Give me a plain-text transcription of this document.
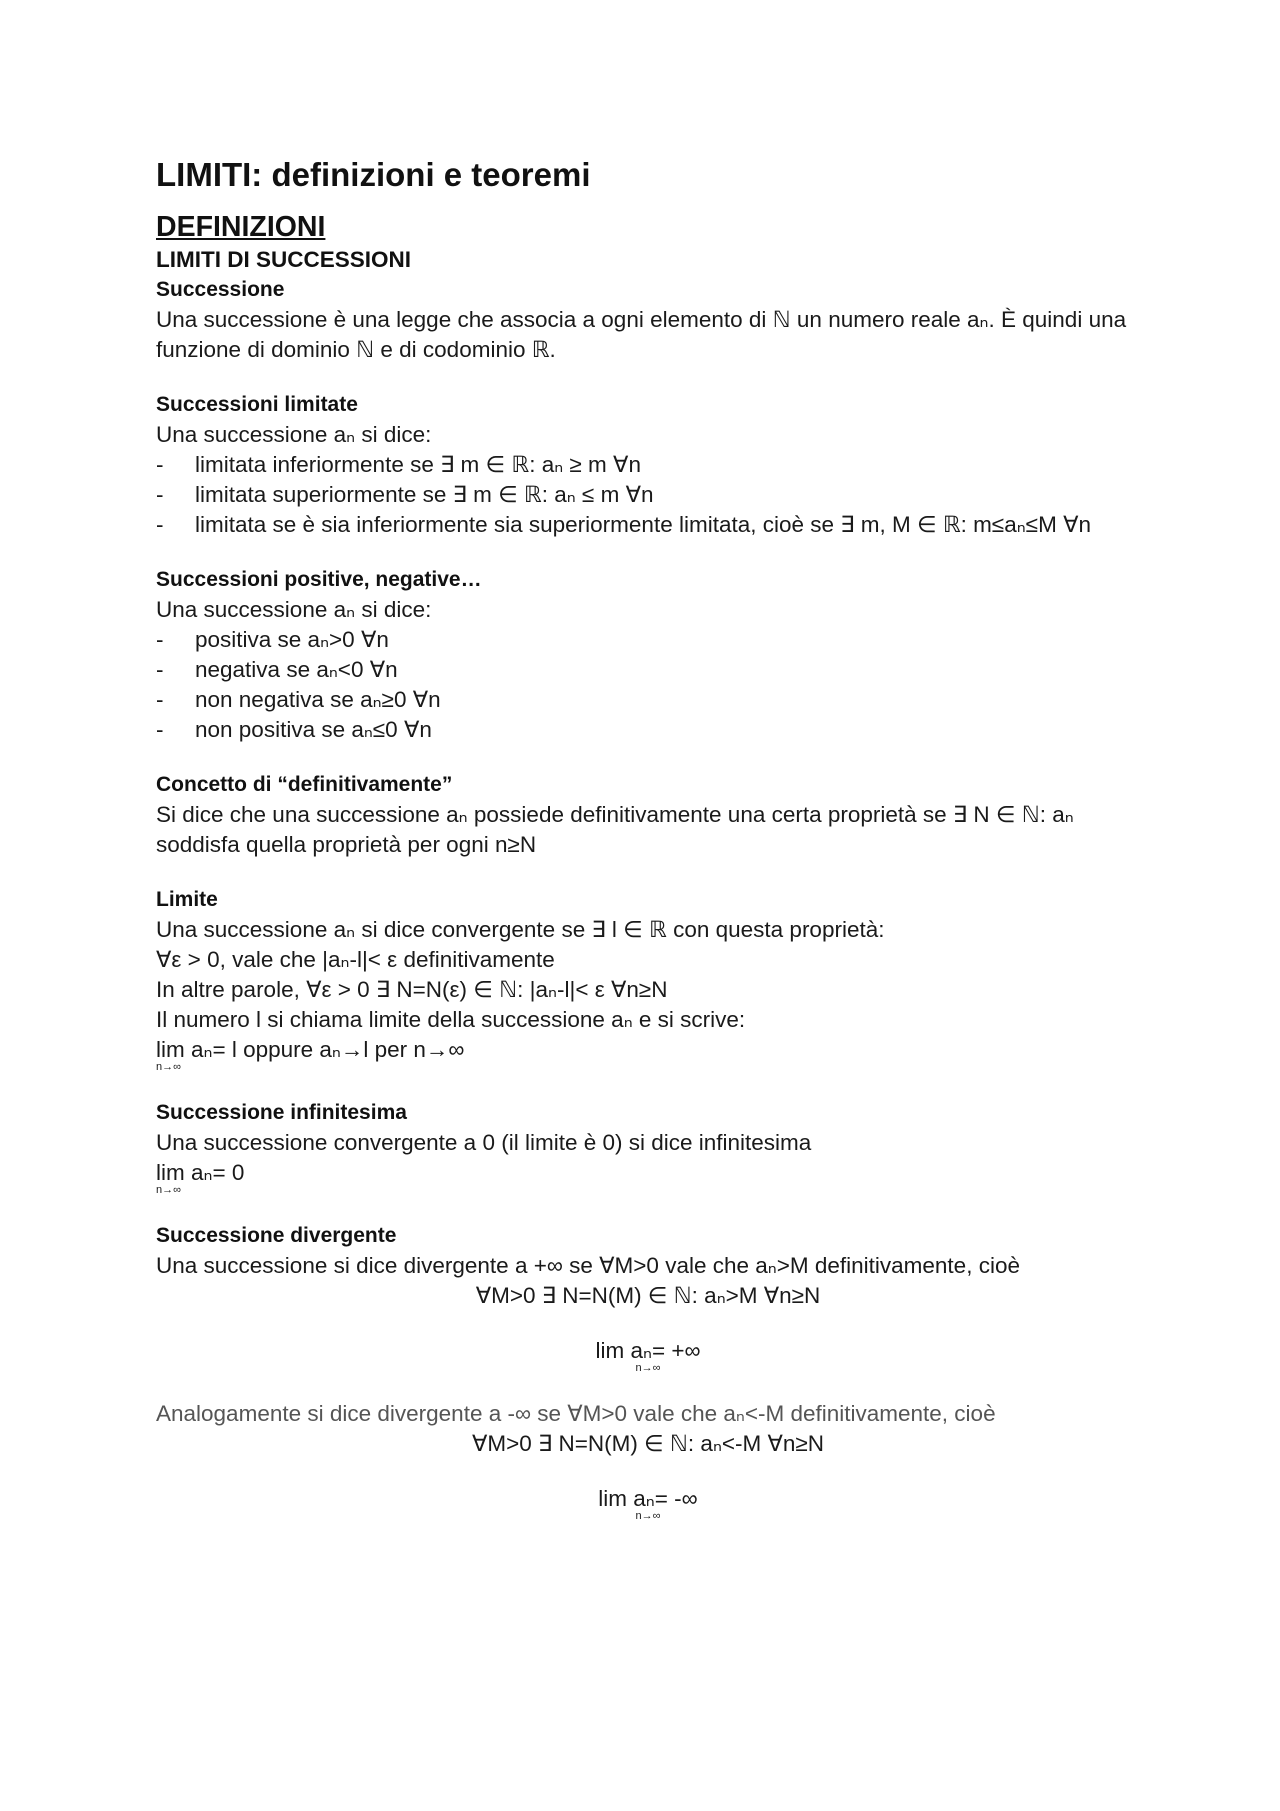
LIMITI: definizioni e teoremi
DEFINIZIONI
LIMITI DI SUCCESSIONI
Successione

Una successione è una legge che associa a ogni elemento di ℕ un numero reale aₙ. È quindi una funzione di dominio ℕ e di codominio ℝ.

Successioni limitate

Una successione aₙ si dice:

- limitata inferiormente se ∃ m ∈ ℝ: aₙ ≥ m ∀n
- limitata superiormente se ∃ m ∈ ℝ: aₙ ≤ m ∀n
- limitata se è sia inferiormente sia superiormente limitata, cioè se ∃ m, M ∈ ℝ: m≤aₙ≤M ∀n
Successioni positive, negative…

Una successione aₙ si dice:

- positiva se aₙ>0 ∀n
- negativa se aₙ<0 ∀n
- non negativa se aₙ≥0 ∀n
- non positiva se aₙ≤0 ∀n
Concetto di “definitivamente”

Si dice che una successione aₙ possiede definitivamente una certa proprietà se ∃ N ∈ ℕ: aₙ soddisfa quella proprietà per ogni n≥N

Limite

Una successione aₙ si dice convergente se ∃ l ∈ ℝ con questa proprietà:

∀ε > 0, vale che |aₙ-l|< ε definitivamente

In altre parole, ∀ε > 0 ∃ N=N(ε) ∈ ℕ: |aₙ-l|< ε ∀n≥N

Il numero l si chiama limite della successione aₙ e si scrive:

lim aₙ= l oppure aₙ→l per n→∞

n→∞
Successione infinitesima

Una successione convergente a 0 (il limite è 0) si dice infinitesima

lim aₙ= 0

n→∞
Successione divergente

Una successione si dice divergente a +∞ se ∀M>0 vale che aₙ>M definitivamente, cioè

∀M>0 ∃ N=N(M) ∈ ℕ: aₙ>M ∀n≥N

lim aₙ= +∞

n→∞

Analogamente si dice divergente a -∞ se ∀M>0 vale che aₙ<-M definitivamente, cioè

∀M>0 ∃ N=N(M) ∈ ℕ: aₙ<-M ∀n≥N

lim aₙ= -∞

n→∞
